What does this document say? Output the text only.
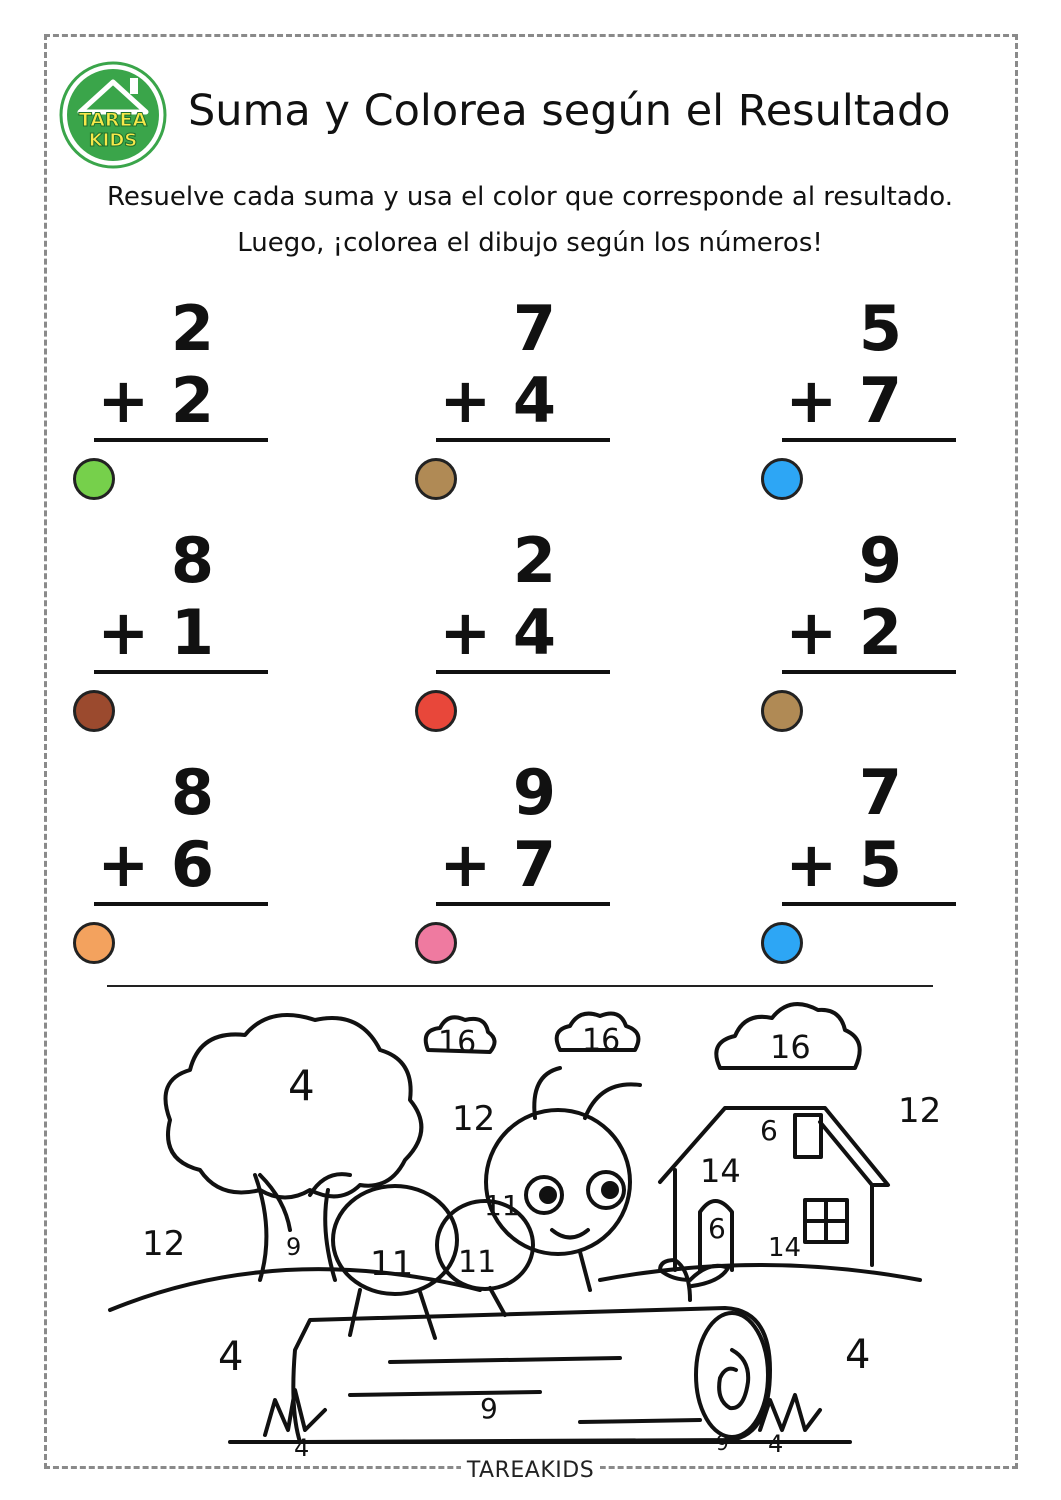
TAREA
KIDS
Suma y Colorea según el Resultado
Resuelve cada suma y usa el color que corresponde al resultado.
Luego, ¡colorea el dibujo según los números!
2
+ 2
7
+ 4
5
+ 7
8
+ 1
2
+ 4
9
+ 2
8
+ 6
9
+ 7
7
+ 5
16	16	16
4
9
12
12	12
11
11 11
14
6
6
14
4	4
9
9
4	4
TAREAKIDS
